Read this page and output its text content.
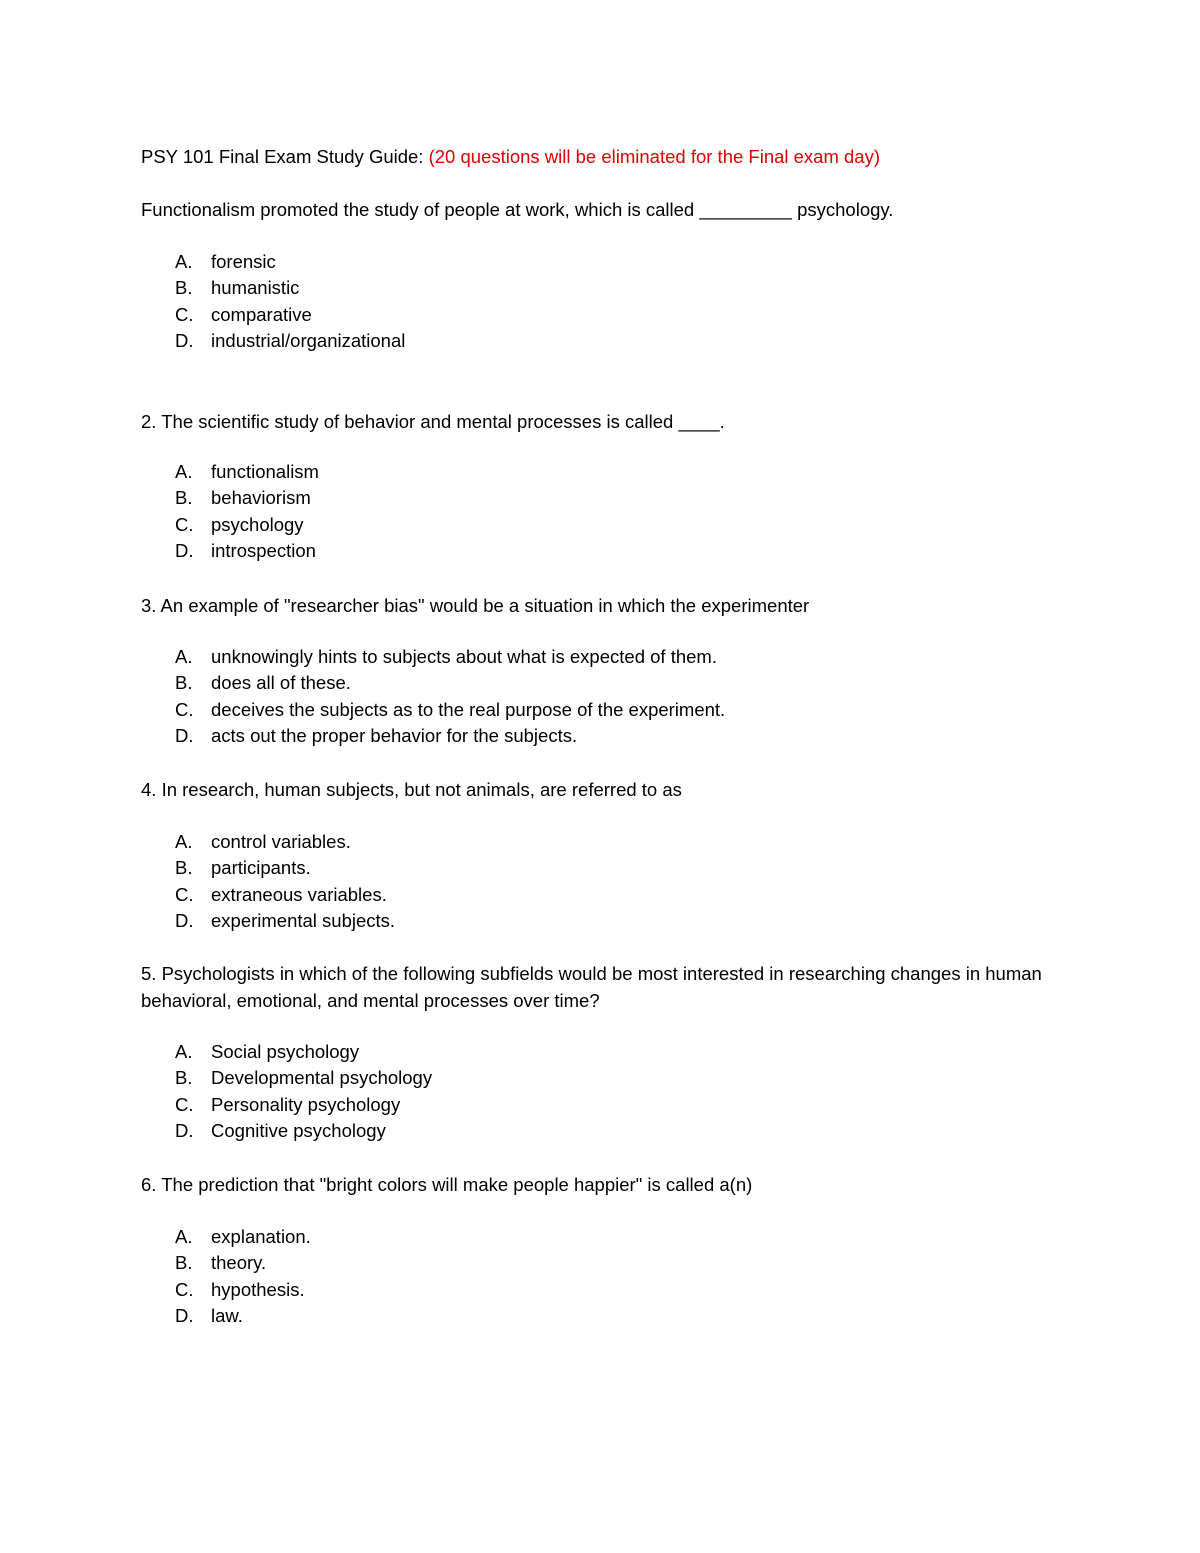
PSY 101 Final Exam Study Guide: (20 questions will be eliminated for the Final exam day)
Functionalism promoted the study of people at work, which is called _________ psychology.
A.	forensic
B.	humanistic
C. comparative
D. industrial/organizational
2. The scientific study of behavior and mental processes is called ____.
A.	functionalism
B.	behaviorism
C. psychology
D. introspection
3. An example of "researcher bias" would be a situation in which the experimenter
A.	unknowingly hints to subjects about what is expected of them.
B.	does all of these.
C. deceives the subjects as to the real purpose of the experiment.
D. acts out the proper behavior for the subjects.
4. In research, human subjects, but not animals, are referred to as
A.	control variables.
B.	participants.
C. extraneous variables.
D. experimental subjects.
5. Psychologists in which of the following subfields would be most interested in researching changes in human behavioral, emotional, and mental processes over time?
A.	Social psychology
B.	Developmental psychology
C. Personality psychology
D. Cognitive psychology
6. The prediction that "bright colors will make people happier" is called a(n)
A.	explanation.
B.	theory.
C. hypothesis.
D. law.
